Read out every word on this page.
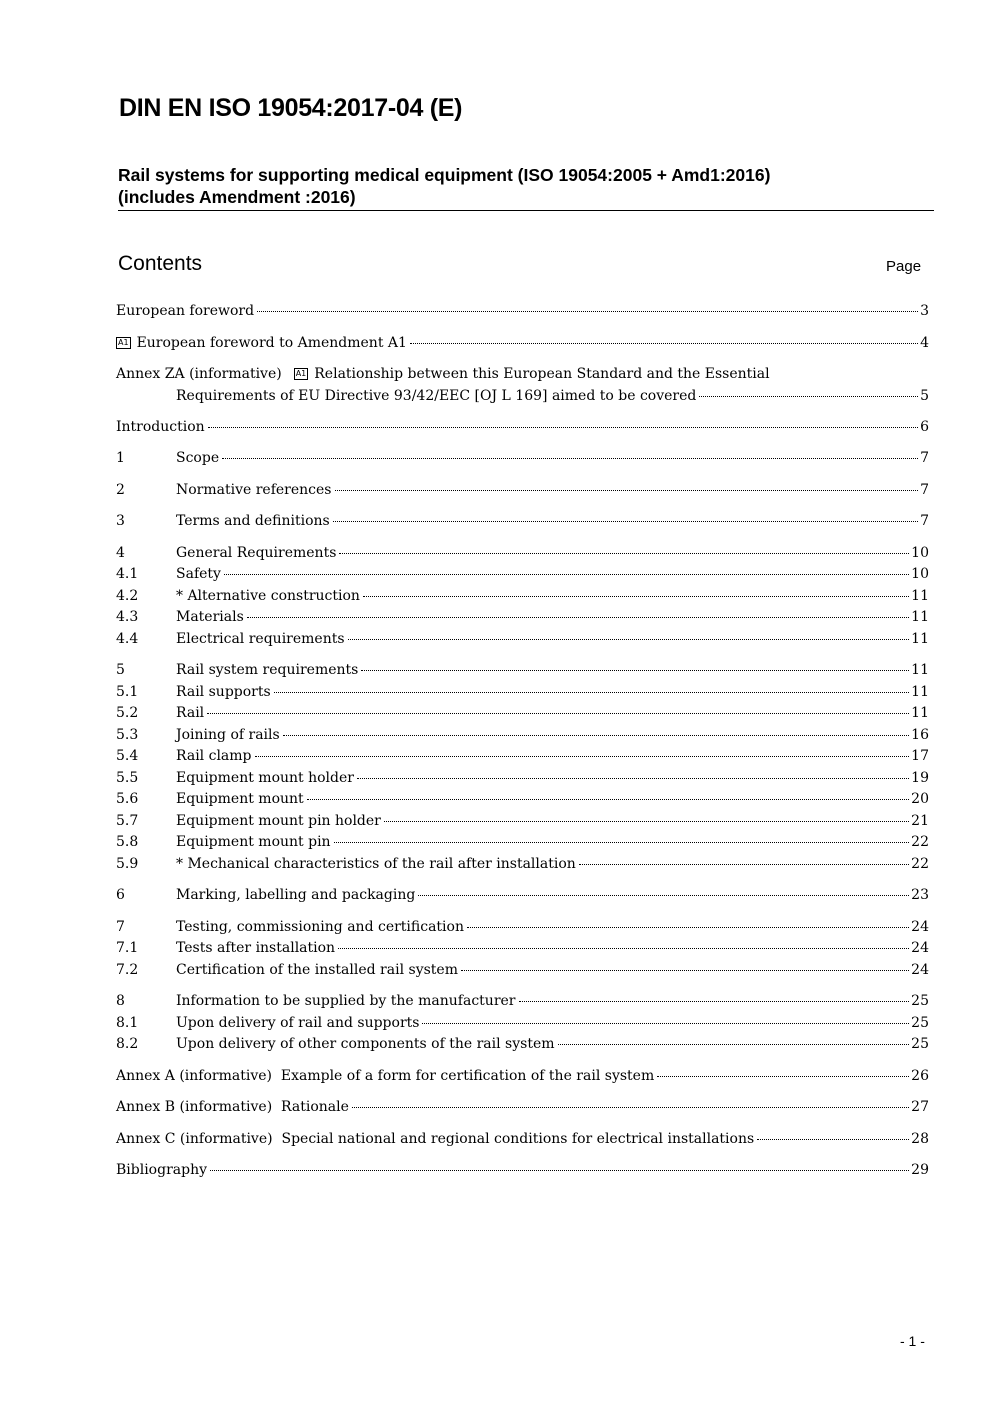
DIN EN ISO 19054:2017-04 (E)
Rail systems for supporting medical equipment (ISO 19054:2005 + Amd1:2016)
(includes Amendment :2016)
Contents	Page
European foreword	3
A1 European foreword to Amendment A1	4
Annex ZA (informative) A1 Relationship between this European Standard and the Essential
Requirements of EU Directive 93/42/EEC [OJ L 169] aimed to be covered	5
Introduction	6
1	Scope	7
2	Normative references	7
3	Terms and definitions	7
4	General Requirements	10
4.1	Safety	10
4.2	* Alternative construction	11
4.3	Materials	11
4.4	Electrical requirements	11
5	Rail system requirements	11
5.1	Rail supports	11
5.2	Rail	11
5.3	Joining of rails	16
5.4	Rail clamp	17
5.5	Equipment mount holder	19
5.6	Equipment mount	20
5.7	Equipment mount pin holder	21
5.8	Equipment mount pin	22
5.9	* Mechanical characteristics of the rail after installation	22
6	Marking, labelling and packaging	23
7	Testing, commissioning and certification	24
7.1	Tests after installation	24
7.2	Certification of the installed rail system	24
8	Information to be supplied by the manufacturer	25
8.1	Upon delivery of rail and supports	25
8.2	Upon delivery of other components of the rail system	25
Annex A (informative)  Example of a form for certification of the rail system	26
Annex B (informative)  Rationale	27
Annex C (informative)  Special national and regional conditions for electrical installations	28
Bibliography	29
- 1 -
